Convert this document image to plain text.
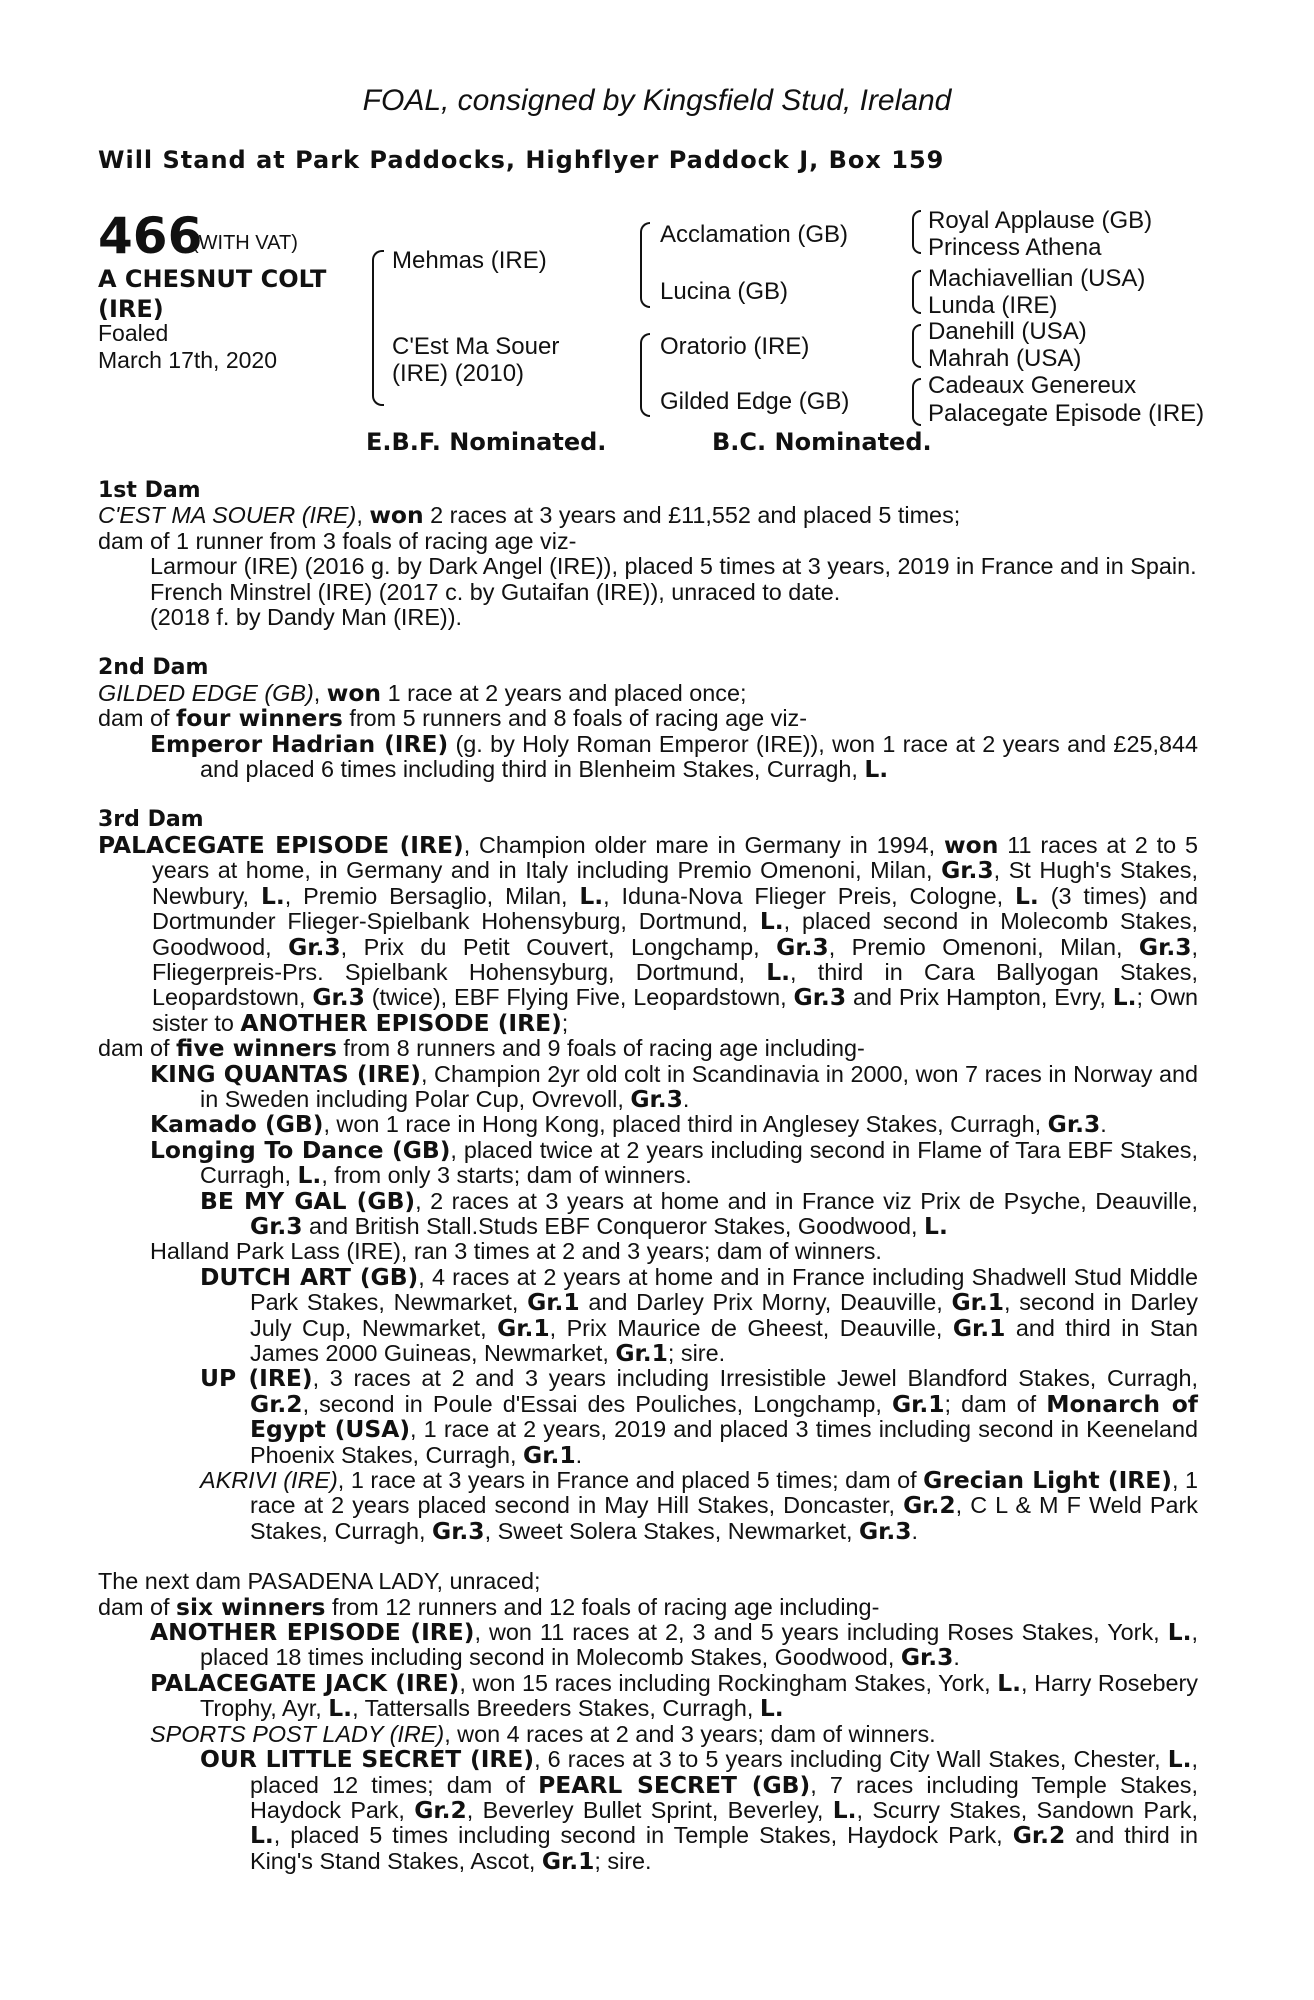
FOAL, consigned by Kingsfield Stud, Ireland
Will Stand at Park Paddocks, Highflyer Paddock J, Box 159
466
(WITH VAT)
A CHESNUT COLT (IRE)
Foaled
March 17th, 2020
Mehmas (IRE)
C'Est Ma Souer (IRE) (2010)
Acclamation (GB)
Lucina (GB)
Oratorio (IRE)
Gilded Edge (GB)
Royal Applause (GB)
Princess Athena
Machiavellian (USA)
Lunda (IRE)
Danehill (USA)
Mahrah (USA)
Cadeaux Genereux
Palacegate Episode (IRE)
E.B.F. Nominated.	B.C. Nominated.
1st Dam
C'EST MA SOUER (IRE), won 2 races at 3 years and £11,552 and placed 5 times;
dam of 1 runner from 3 foals of racing age viz-
Larmour (IRE) (2016 g. by Dark Angel (IRE)), placed 5 times at 3 years, 2019 in France and in Spain.
French Minstrel (IRE) (2017 c. by Gutaifan (IRE)), unraced to date.
(2018 f. by Dandy Man (IRE)).
2nd Dam
GILDED EDGE (GB), won 1 race at 2 years and placed once;
dam of four winners from 5 runners and 8 foals of racing age viz-
Emperor Hadrian (IRE) (g. by Holy Roman Emperor (IRE)), won 1 race at 2 years and £25,844 and placed 6 times including third in Blenheim Stakes, Curragh, L.
3rd Dam
PALACEGATE EPISODE (IRE), Champion older mare in Germany in 1994, won 11 races at 2 to 5 years at home, in Germany and in Italy including Premio Omenoni, Milan, Gr.3, St Hugh's Stakes, Newbury, L., Premio Bersaglio, Milan, L., Iduna-Nova Flieger Preis, Cologne, L. (3 times) and Dortmunder Flieger-Spielbank Hohensyburg, Dortmund, L., placed second in Molecomb Stakes, Goodwood, Gr.3, Prix du Petit Couvert, Longchamp, Gr.3, Premio Omenoni, Milan, Gr.3, Fliegerpreis-Prs. Spielbank Hohensyburg, Dortmund, L., third in Cara Ballyogan Stakes, Leopardstown, Gr.3 (twice), EBF Flying Five, Leopardstown, Gr.3 and Prix Hampton, Evry, L.; Own sister to ANOTHER EPISODE (IRE);
dam of five winners from 8 runners and 9 foals of racing age including-
KING QUANTAS (IRE), Champion 2yr old colt in Scandinavia in 2000, won 7 races in Norway and in Sweden including Polar Cup, Ovrevoll, Gr.3.
Kamado (GB), won 1 race in Hong Kong, placed third in Anglesey Stakes, Curragh, Gr.3.
Longing To Dance (GB), placed twice at 2 years including second in Flame of Tara EBF Stakes, Curragh, L., from only 3 starts; dam of winners.
BE MY GAL (GB), 2 races at 3 years at home and in France viz Prix de Psyche, Deauville, Gr.3 and British Stall.Studs EBF Conqueror Stakes, Goodwood, L.
Halland Park Lass (IRE), ran 3 times at 2 and 3 years; dam of winners.
DUTCH ART (GB), 4 races at 2 years at home and in France including Shadwell Stud Middle Park Stakes, Newmarket, Gr.1 and Darley Prix Morny, Deauville, Gr.1, second in Darley July Cup, Newmarket, Gr.1, Prix Maurice de Gheest, Deauville, Gr.1 and third in Stan James 2000 Guineas, Newmarket, Gr.1; sire.
UP (IRE), 3 races at 2 and 3 years including Irresistible Jewel Blandford Stakes, Curragh, Gr.2, second in Poule d'Essai des Pouliches, Longchamp, Gr.1; dam of Monarch of Egypt (USA), 1 race at 2 years, 2019 and placed 3 times including second in Keeneland Phoenix Stakes, Curragh, Gr.1.
AKRIVI (IRE), 1 race at 3 years in France and placed 5 times; dam of Grecian Light (IRE), 1 race at 2 years placed second in May Hill Stakes, Doncaster, Gr.2, C L & M F Weld Park Stakes, Curragh, Gr.3, Sweet Solera Stakes, Newmarket, Gr.3.
The next dam PASADENA LADY, unraced;
dam of six winners from 12 runners and 12 foals of racing age including-
ANOTHER EPISODE (IRE), won 11 races at 2, 3 and 5 years including Roses Stakes, York, L., placed 18 times including second in Molecomb Stakes, Goodwood, Gr.3.
PALACEGATE JACK (IRE), won 15 races including Rockingham Stakes, York, L., Harry Rosebery Trophy, Ayr, L., Tattersalls Breeders Stakes, Curragh, L.
SPORTS POST LADY (IRE), won 4 races at 2 and 3 years; dam of winners.
OUR LITTLE SECRET (IRE), 6 races at 3 to 5 years including City Wall Stakes, Chester, L., placed 12 times; dam of PEARL SECRET (GB), 7 races including Temple Stakes, Haydock Park, Gr.2, Beverley Bullet Sprint, Beverley, L., Scurry Stakes, Sandown Park, L., placed 5 times including second in Temple Stakes, Haydock Park, Gr.2 and third in King's Stand Stakes, Ascot, Gr.1; sire.
